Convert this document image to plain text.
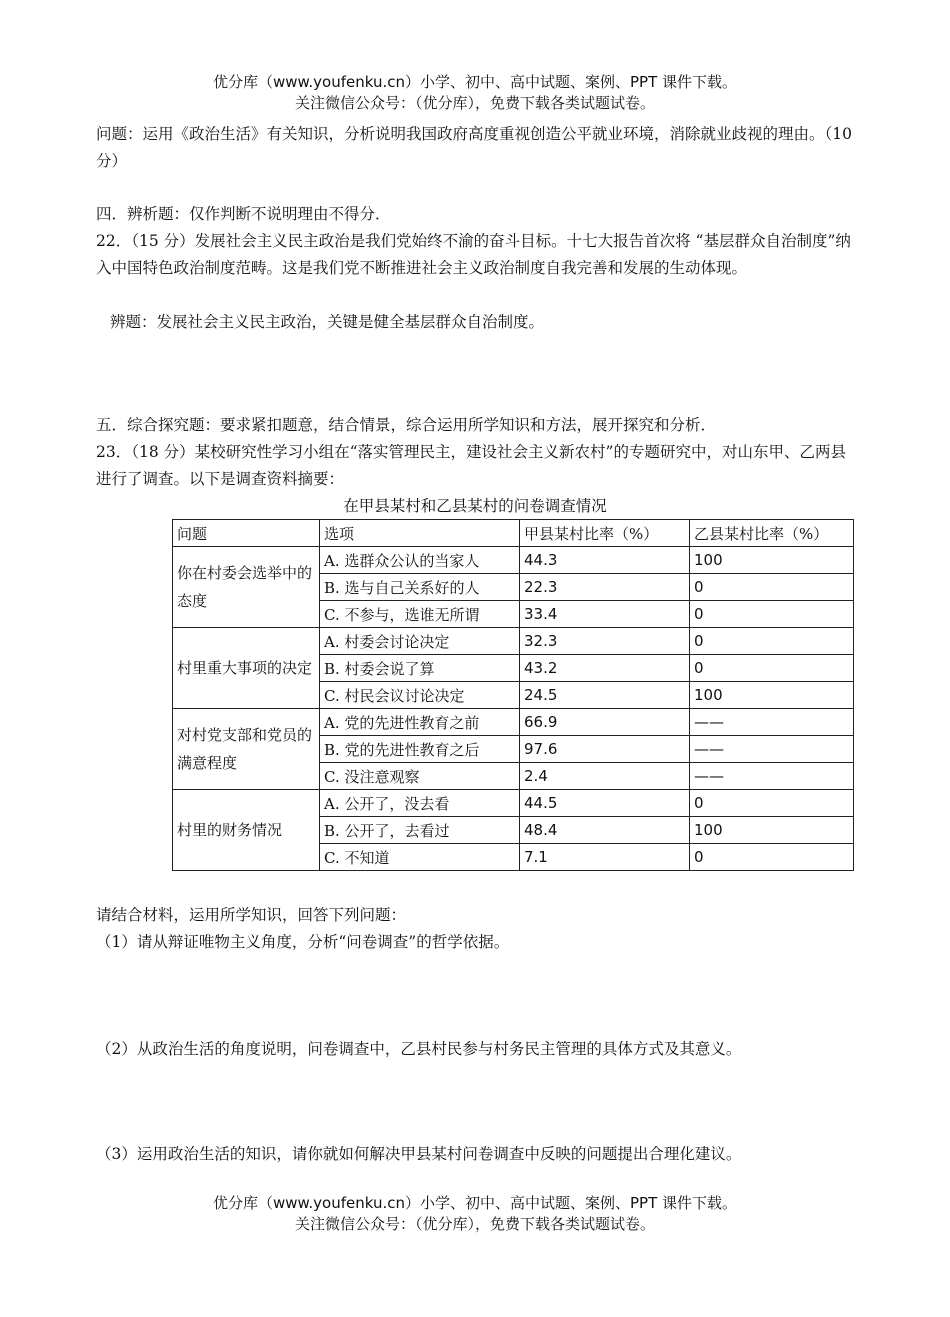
优分库（www.youfenku.cn）小学、初中、高中试题、案例、PPT 课件下载。
关注微信公众号：（优分库），免费下载各类试题试卷。
问题：运用《政治生活》有关知识，分析说明我国政府高度重视创造公平就业环境，消除就业歧视的理由。（10 分）
四．辨析题：仅作判断不说明理由不得分．
22．（15 分）发展社会主义民主政治是我们党始终不渝的奋斗目标。十七大报告首次将 “基层群众自治制度”纳入中国特色政治制度范畴。这是我们党不断推进社会主义政治制度自我完善和发展的生动体现。
辨题：发展社会主义民主政治，关键是健全基层群众自治制度。
五．综合探究题：要求紧扣题意，结合情景，综合运用所学知识和方法，展开探究和分析．
23．（18 分）某校研究性学习小组在“落实管理民主，建设社会主义新农村”的专题研究中，对山东甲、乙两县进行了调查。以下是调查资料摘要：
在甲县某村和乙县某村的问卷调查情况
问题	选项	甲县某村比率（%）	乙县某村比率（%）
你在村委会选举中的态度	A. 选群众公认的当家人	44.3	100
	B. 选与自己关系好的人	22.3	0
	C. 不参与，选谁无所谓	33.4	0
村里重大事项的决定	A. 村委会讨论决定	32.3	0
	B. 村委会说了算	43.2	0
	C. 村民会议讨论决定	24.5	100
对村党支部和党员的满意程度	A. 党的先进性教育之前	66.9	——
	B. 党的先进性教育之后	97.6	——
	C. 没注意观察	2.4	——
村里的财务情况	A. 公开了，没去看	44.5	0
	B. 公开了，去看过	48.4	100
	C. 不知道	7.1	0
请结合材料，运用所学知识，回答下列问题：
（1）请从辩证唯物主义角度，分析“问卷调查”的哲学依据。
（2）从政治生活的角度说明，问卷调查中，乙县村民参与村务民主管理的具体方式及其意义。
（3）运用政治生活的知识，请你就如何解决甲县某村问卷调查中反映的问题提出合理化建议。
优分库（www.youfenku.cn）小学、初中、高中试题、案例、PPT 课件下载。
关注微信公众号：（优分库），免费下载各类试题试卷。
